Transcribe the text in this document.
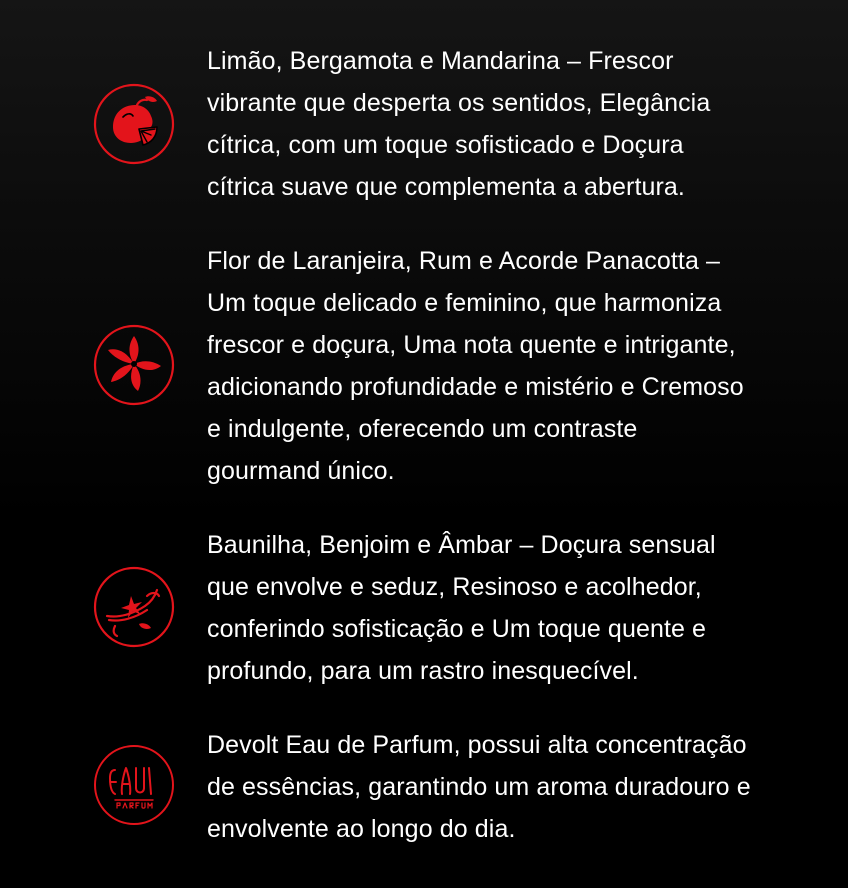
Limão, Bergamota e Mandarina – Frescor
vibrante que desperta os sentidos, Elegância
cítrica, com um toque sofisticado e Doçura
cítrica suave que complementa a abertura.

Flor de Laranjeira, Rum e Acorde Panacotta –
Um toque delicado e feminino, que harmoniza
frescor e doçura, Uma nota quente e intrigante,
adicionando profundidade e mistério e Cremoso
e indulgente, oferecendo um contraste
gourmand único.

Baunilha, Benjoim e Âmbar – Doçura sensual
que envolve e seduz, Resinoso e acolhedor,
conferindo sofisticação e Um toque quente e
profundo, para um rastro inesquecível.

Devolt Eau de Parfum, possui alta concentração
de essências, garantindo um aroma duradouro e
envolvente ao longo do dia.
